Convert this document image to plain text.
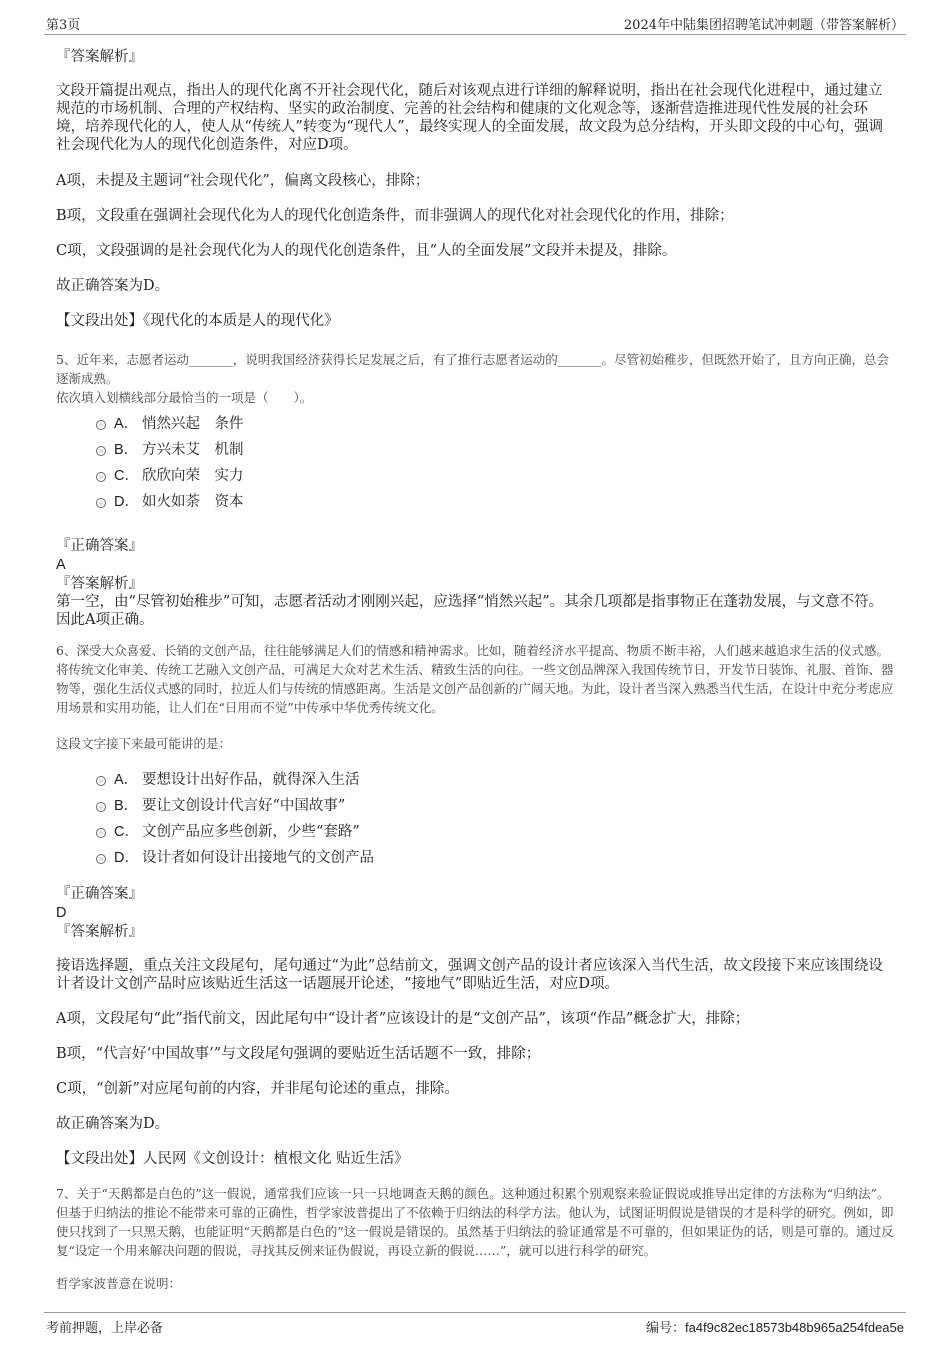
第3页	2024年中陆集团招聘笔试冲刺题（带答案解析）

『答案解析』

文段开篇提出观点，指出人的现代化离不开社会现代化，随后对该观点进行详细的解释说明，指出在社会现代化进程中，通过建立规范的市场机制、合理的产权结构、坚实的政治制度、完善的社会结构和健康的文化观念等，逐渐营造推进现代性发展的社会环境，培养现代化的人，使人从“传统人”转变为“现代人”，最终实现人的全面发展，故文段为总分结构，开头即文段的中心句，强调社会现代化为人的现代化创造条件，对应D项。

A项，未提及主题词“社会现代化”，偏离文段核心，排除；

B项，文段重在强调社会现代化为人的现代化创造条件，而非强调人的现代化对社会现代化的作用，排除；

C项，文段强调的是社会现代化为人的现代化创造条件，且“人的全面发展”文段并未提及，排除。

故正确答案为D。

【文段出处】《现代化的本质是人的现代化》

5、近年来，志愿者运动_______，说明我国经济获得长足发展之后，有了推行志愿者运动的_______。尽管初始稚步，但既然开始了，且方向正确，总会逐渐成熟。

依次填入划横线部分最恰当的一项是（　　）。

A． 悄然兴起　条件
B． 方兴未艾　机制
C． 欣欣向荣　实力
D． 如火如荼　资本

『正确答案』

A

『答案解析』

第一空，由“尽管初始稚步”可知，志愿者活动才刚刚兴起，应选择“悄然兴起”。其余几项都是指事物正在蓬勃发展，与文意不符。因此A项正确。

6、深受大众喜爱、长销的文创产品，往往能够满足人们的情感和精神需求。比如，随着经济水平提高、物质不断丰裕，人们越来越追求生活的仪式感。将传统文化审美、传统工艺融入文创产品，可满足大众对艺术生活、精致生活的向往。一些文创品牌深入我国传统节日，开发节日装饰、礼服、首饰、器物等，强化生活仪式感的同时，拉近人们与传统的情感距离。生活是文创产品创新的广阔天地。为此，设计者当深入熟悉当代生活，在设计中充分考虑应用场景和实用功能，让人们在“日用而不觉”中传承中华优秀传统文化。

这段文字接下来最可能讲的是：

A． 要想设计出好作品，就得深入生活
B． 要让文创设计代言好“中国故事”
C． 文创产品应多些创新，少些“套路”
D． 设计者如何设计出接地气的文创产品

『正确答案』

D

『答案解析』

接语选择题，重点关注文段尾句，尾句通过“为此”总结前文，强调文创产品的设计者应该深入当代生活，故文段接下来应该围绕设计者设计文创产品时应该贴近生活这一话题展开论述，“接地气”即贴近生活，对应D项。

A项，文段尾句“此”指代前文，因此尾句中“设计者”应该设计的是“文创产品”，该项“作品”概念扩大，排除；

B项，“代言好‘中国故事’”与文段尾句强调的要贴近生活话题不一致，排除；

C项，“创新”对应尾句前的内容，并非尾句论述的重点，排除。

故正确答案为D。

【文段出处】人民网《文创设计：植根文化 贴近生活》

7、关于“天鹅都是白色的”这一假说，通常我们应该一只一只地调查天鹅的颜色。这种通过积累个别观察来验证假说或推导出定律的方法称为“归纳法”。但基于归纳法的推论不能带来可靠的正确性，哲学家波普提出了不依赖于归纳法的科学方法。他认为，试图证明假说是错误的才是科学的研究。例如，即使只找到了一只黑天鹅，也能证明“天鹅都是白色的”这一假说是错误的。虽然基于归纳法的验证通常是不可靠的，但如果证伪的话，则是可靠的。通过反复“设定一个用来解决问题的假说，寻找其反例来证伪假说，再设立新的假说……”，就可以进行科学的研究。

哲学家波普意在说明：

考前押题，上岸必备	编号：fa4f9c82ec18573b48b965a254fdea5e
